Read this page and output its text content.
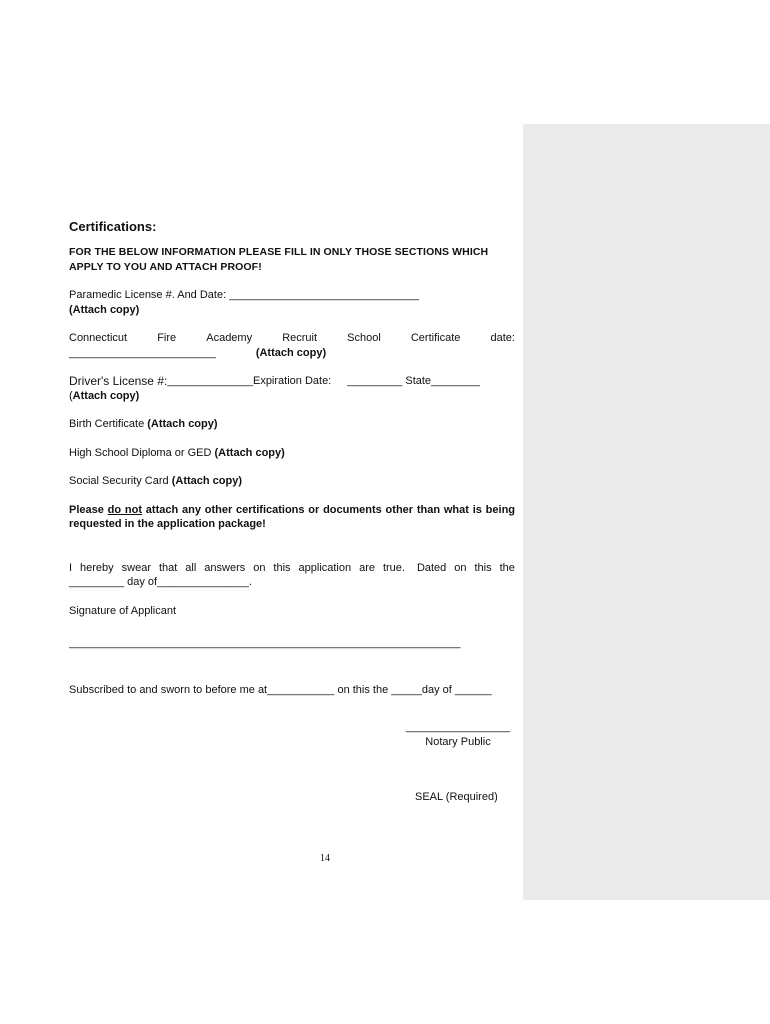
Certifications:
FOR THE BELOW INFORMATION PLEASE FILL IN ONLY THOSE SECTIONS WHICH APPLY TO YOU AND ATTACH PROOF!

Paramedic License #. And Date: _______________________________

(Attach copy)

Connecticut	Fire	Academy	Recruit	School	Certificate	date:
________________________	(Attach copy)
Driver's License #: ______________Expiration Date: _________ State________

(Attach copy)

Birth Certificate (Attach copy)

High School Diploma or GED (Attach copy)

Social Security Card (Attach copy)

Please do not attach any other certifications or documents other than what is being requested in the application package!
I hereby swear that all answers on this application are true. Dated on this the

_________ day of_______________.

Signature of Applicant

________________________________________________________________

Subscribed to and sworn to before me at___________ on this the _____day of ______

_________________
Notary Public
SEAL (Required)
14
